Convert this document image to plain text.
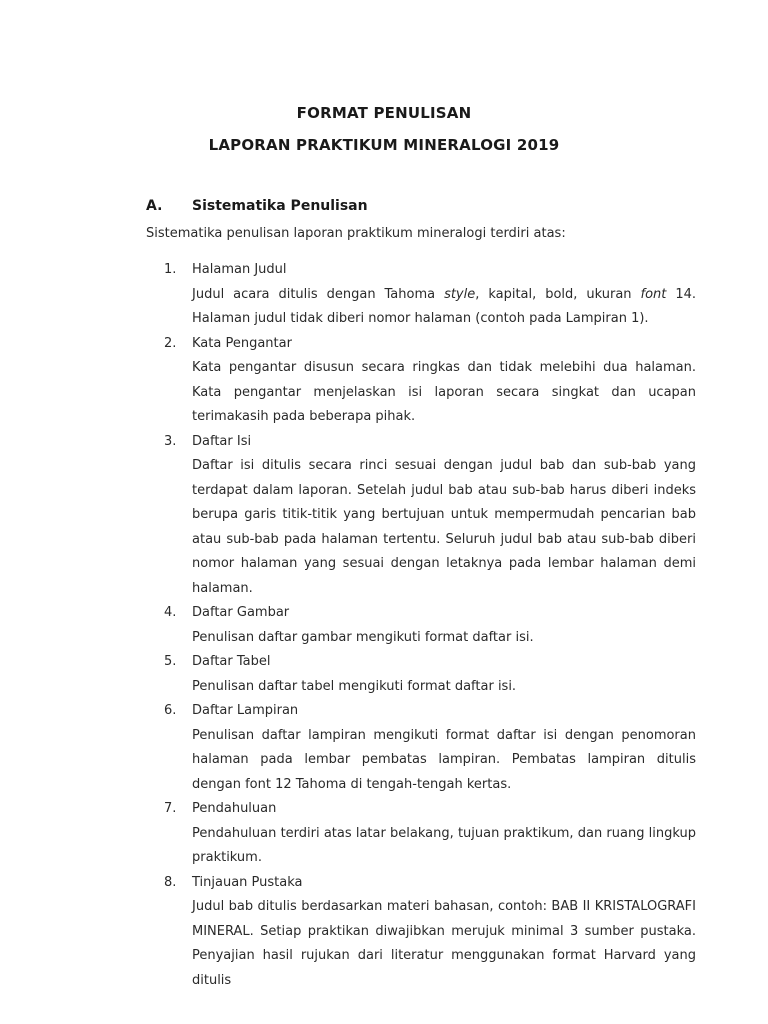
FORMAT PENULISAN
LAPORAN PRAKTIKUM MINERALOGI 2019
A. Sistematika Penulisan
Sistematika penulisan laporan praktikum mineralogi terdiri atas:
1.	Halaman Judul
Judul acara ditulis dengan Tahoma style, kapital, bold, ukuran font 14. Halaman judul tidak diberi nomor halaman (contoh pada Lampiran 1).
2.	Kata Pengantar
Kata pengantar disusun secara ringkas dan tidak melebihi dua halaman. Kata pengantar menjelaskan isi laporan secara singkat dan ucapan terimakasih pada beberapa pihak.
3.	Daftar Isi
Daftar isi ditulis secara rinci sesuai dengan judul bab dan sub-bab yang terdapat dalam laporan. Setelah judul bab atau sub-bab harus diberi indeks berupa garis titik-titik yang bertujuan untuk mempermudah pencarian bab atau sub-bab pada halaman tertentu. Seluruh judul bab atau sub-bab diberi nomor halaman yang sesuai dengan letaknya pada lembar halaman demi halaman.
4.	Daftar Gambar
Penulisan daftar gambar mengikuti format daftar isi.
5.	Daftar Tabel
Penulisan daftar tabel mengikuti format daftar isi.
6.	Daftar Lampiran
Penulisan daftar lampiran mengikuti format daftar isi dengan penomoran halaman pada lembar pembatas lampiran. Pembatas lampiran ditulis dengan font 12 Tahoma di tengah-tengah kertas.
7.	Pendahuluan
Pendahuluan terdiri atas latar belakang, tujuan praktikum, dan ruang lingkup praktikum.
8.	Tinjauan Pustaka
Judul bab ditulis berdasarkan materi bahasan, contoh: BAB II KRISTALOGRAFI MINERAL. Setiap praktikan diwajibkan merujuk minimal 3 sumber pustaka. Penyajian hasil rujukan dari literatur menggunakan format Harvard yang ditulis
